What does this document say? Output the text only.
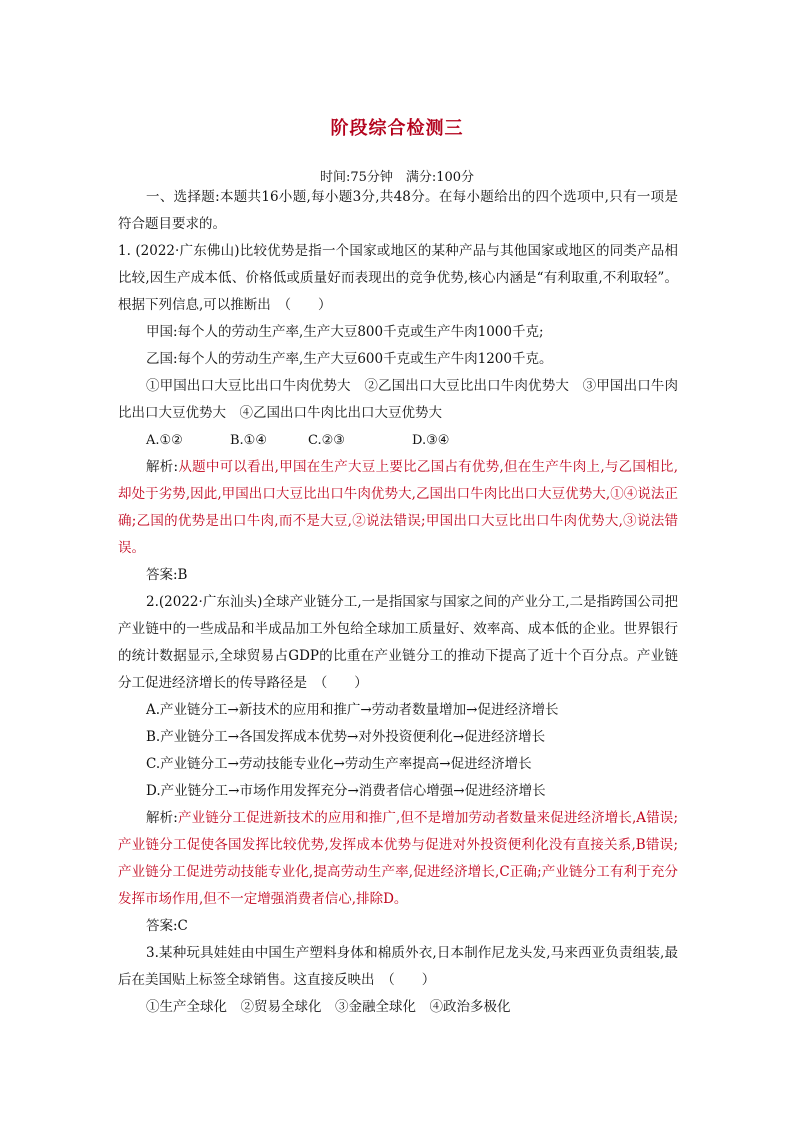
阶段综合检测三
时间:75分钟　满分:100分

一、选择题:本题共16小题,每小题3分,共48分。在每小题给出的四个选项中,只有一项是符合题目要求的。

1. (2022·广东佛山)比较优势是指一个国家或地区的某种产品与其他国家或地区的同类产品相比较,因生产成本低、价格低或质量好而表现出的竞争优势,核心内涵是“有利取重,不利取轻”。根据下列信息,可以推断出　（　　）

甲国:每个人的劳动生产率,生产大豆800千克或生产牛肉1000千克;

乙国:每个人的劳动生产率,生产大豆600千克或生产牛肉1200千克。

①甲国出口大豆比出口牛肉优势大　②乙国出口大豆比出口牛肉优势大　③甲国出口牛肉比出口大豆优势大　④乙国出口牛肉比出口大豆优势大

A.①②	B.①④	C.②③	D.③④

解析:从题中可以看出,甲国在生产大豆上要比乙国占有优势,但在生产牛肉上,与乙国相比,却处于劣势,因此,甲国出口大豆比出口牛肉优势大,乙国出口牛肉比出口大豆优势大,①④说法正确;乙国的优势是出口牛肉,而不是大豆,②说法错误;甲国出口大豆比出口牛肉优势大,③说法错误。

答案:B

2.(2022·广东汕头)全球产业链分工,一是指国家与国家之间的产业分工,二是指跨国公司把产业链中的一些成品和半成品加工外包给全球加工质量好、效率高、成本低的企业。世界银行的统计数据显示,全球贸易占GDP的比重在产业链分工的推动下提高了近十个百分点。产业链分工促进经济增长的传导路径是　（　　）

A.产业链分工→新技术的应用和推广→劳动者数量增加→促进经济增长

B.产业链分工→各国发挥成本优势→对外投资便利化→促进经济增长

C.产业链分工→劳动技能专业化→劳动生产率提高→促进经济增长

D.产业链分工→市场作用发挥充分→消费者信心增强→促进经济增长

解析:产业链分工促进新技术的应用和推广,但不是增加劳动者数量来促进经济增长,A错误;产业链分工促使各国发挥比较优势,发挥成本优势与促进对外投资便利化没有直接关系,B错误;产业链分工促进劳动技能专业化,提高劳动生产率,促进经济增长,C正确;产业链分工有利于充分发挥市场作用,但不一定增强消费者信心,排除D。

答案:C

3.某种玩具娃娃由中国生产塑料身体和棉质外衣,日本制作尼龙头发,马来西亚负责组装,最后在美国贴上标签全球销售。这直接反映出　（　　）

①生产全球化　②贸易全球化　③金融全球化　④政治多极化
